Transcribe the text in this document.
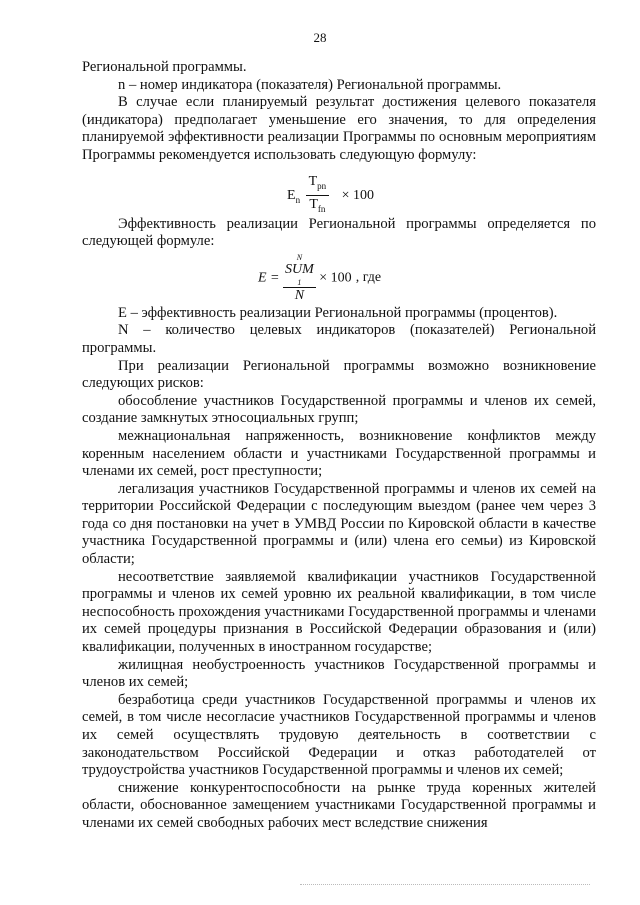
28

Региональной программы.

n – номер индикатора (показателя) Региональной программы.

В случае если планируемый результат достижения целевого показателя (индикатора) предполагает уменьшение его значения, то для определения планируемой эффективности реализации Программы по основным мероприятиям Программы рекомендуется использовать следующую формулу:

$E_n \frac{T_{pn}}{T_{fn}} \times 100$

Эффективность реализации Региональной программы определяется по следующей формуле:

E =
N
SUM
1
N
× 100 , где

E – эффективность реализации Региональной программы (процентов).

N – количество целевых индикаторов (показателей) Региональной программы.

При реализации Региональной программы возможно возникновение следующих рисков:

обособление участников Государственной программы и членов их семей, создание замкнутых этносоциальных групп;

межнациональная напряженность, возникновение конфликтов между коренным населением области и участниками Государственной программы и членами их семей, рост преступности;

легализация участников Государственной программы и членов их семей на территории Российской Федерации с последующим выездом (ранее чем через 3 года со дня постановки на учет в УМВД России по Кировской области в качестве участника Государственной программы и (или) члена его семьи) из Кировской области;

несоответствие заявляемой квалификации участников Государственной программы и членов их семей уровню их реальной квалификации, в том числе неспособность прохождения участниками Государственной программы и членами их семей процедуры признания в Российской Федерации образования и (или) квалификации, полученных в иностранном государстве;

жилищная необустроенность участников Государственной программы и членов их семей;

безработица среди участников Государственной программы и членов их семей, в том числе несогласие участников Государственной программы и членов их семей осуществлять трудовую деятельность в соответствии с законодательством Российской Федерации и отказ работодателей от трудоустройства участников Государственной программы и членов их семей;

снижение конкурентоспособности на рынке труда коренных жителей области, обоснованное замещением участниками Государственной программы и членами их семей свободных рабочих мест вследствие снижения
